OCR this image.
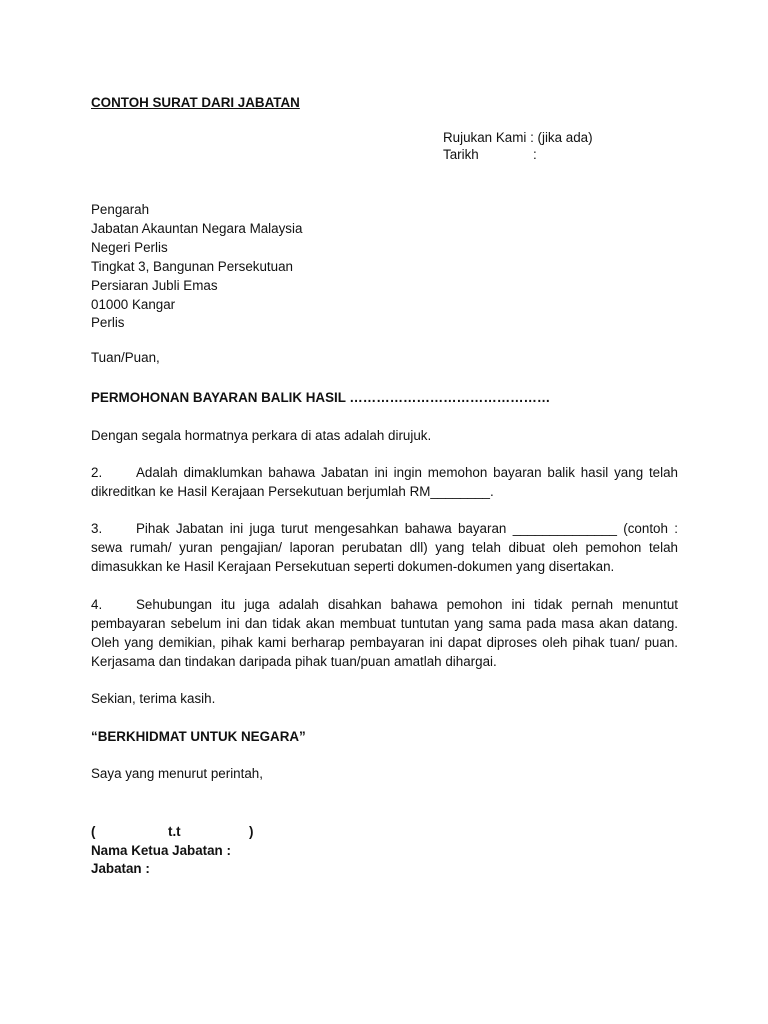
CONTOH SURAT DARI JABATAN
Rujukan Kami : (jika ada)
Tarikh	:
Pengarah
Jabatan Akauntan Negara Malaysia
Negeri Perlis
Tingkat 3, Bangunan Persekutuan
Persiaran Jubli Emas
01000 Kangar
Perlis
Tuan/Puan,
PERMOHONAN BAYARAN BALIK HASIL ………………………………………
Dengan segala hormatnya perkara di atas adalah dirujuk.
2.	Adalah dimaklumkan bahawa Jabatan ini ingin memohon bayaran balik hasil yang telah dikreditkan ke Hasil Kerajaan Persekutuan berjumlah RM________.
3.	Pihak Jabatan ini juga turut mengesahkan bahawa bayaran ______________ (contoh : sewa rumah/ yuran pengajian/ laporan perubatan dll) yang telah dibuat oleh pemohon telah dimasukkan ke Hasil Kerajaan Persekutuan seperti dokumen-dokumen yang disertakan.
4.	Sehubungan itu juga adalah disahkan bahawa pemohon ini tidak pernah menuntut pembayaran sebelum ini dan tidak akan membuat tuntutan yang sama pada masa akan datang. Oleh yang demikian, pihak kami berharap pembayaran ini dapat diproses oleh pihak tuan/ puan. Kerjasama dan tindakan daripada pihak tuan/puan amatlah dihargai.
Sekian, terima kasih.
“BERKHIDMAT UNTUK NEGARA”
Saya yang menurut perintah,
(	t.t	)
Nama Ketua Jabatan :
Jabatan :
